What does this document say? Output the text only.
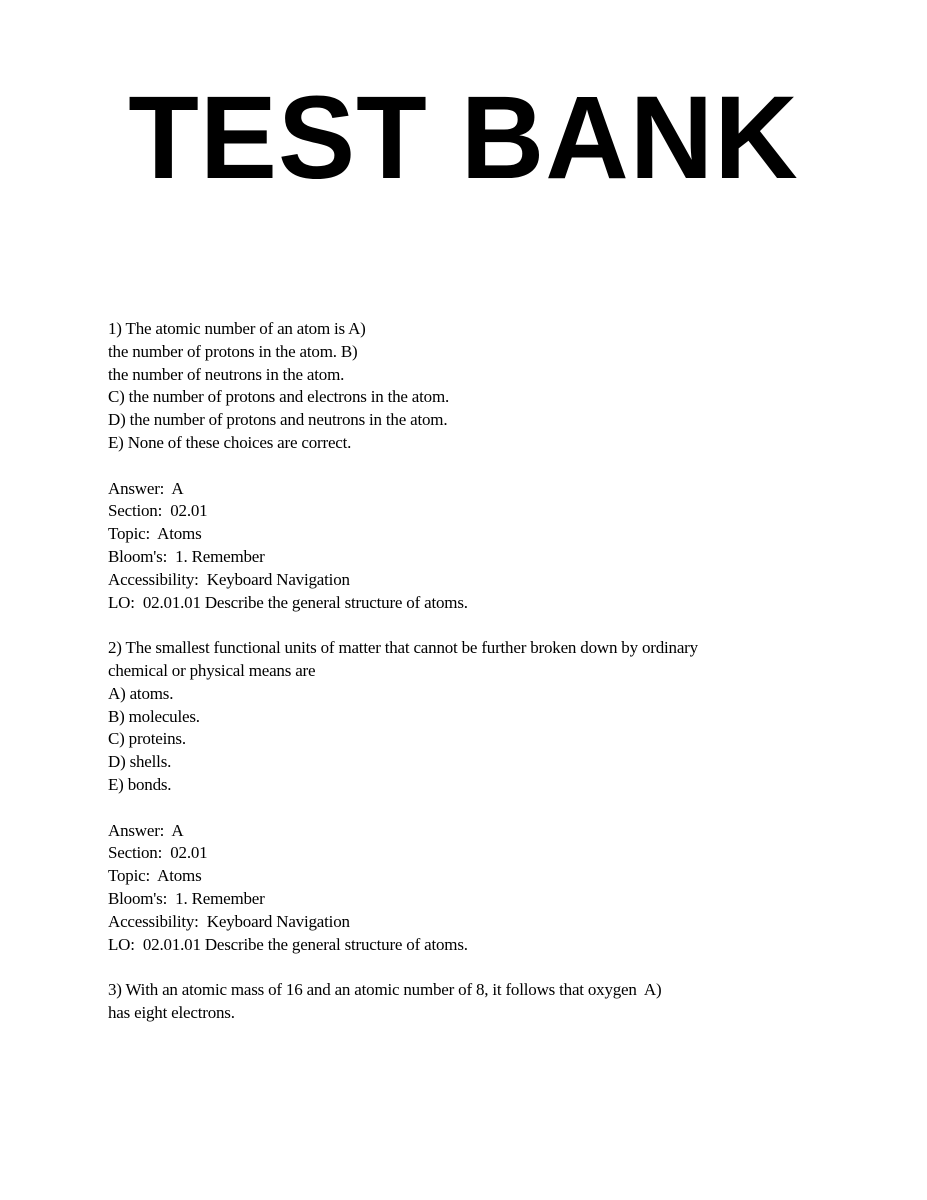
TEST BANK
1) The atomic number of an atom is A)
the number of protons in the atom. B)
the number of neutrons in the atom.
C) the number of protons and electrons in the atom.
D) the number of protons and neutrons in the atom.
E) None of these choices are correct.
Answer:  A
Section:  02.01
Topic:  Atoms
Bloom's:  1. Remember
Accessibility:  Keyboard Navigation
LO:  02.01.01 Describe the general structure of atoms.
2) The smallest functional units of matter that cannot be further broken down by ordinary
chemical or physical means are
A) atoms.
B) molecules.
C) proteins.
D) shells.
E) bonds.
Answer:  A
Section:  02.01
Topic:  Atoms
Bloom's:  1. Remember
Accessibility:  Keyboard Navigation
LO:  02.01.01 Describe the general structure of atoms.
3) With an atomic mass of 16 and an atomic number of 8, it follows that oxygen  A)
has eight electrons.
